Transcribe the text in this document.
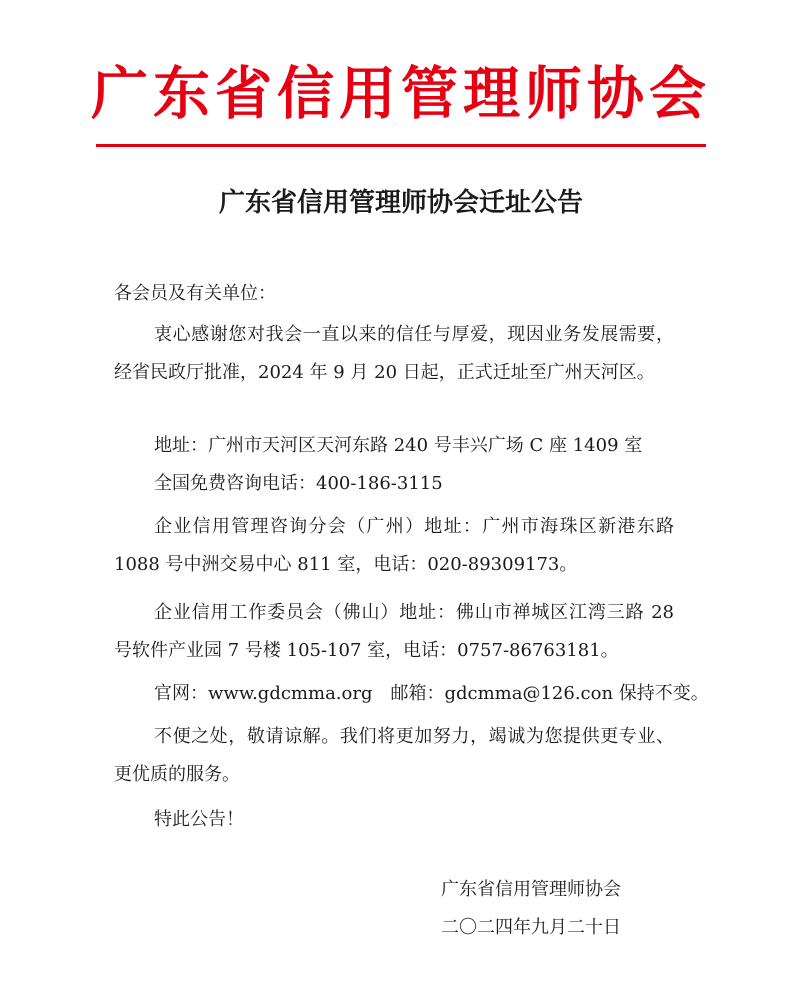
广东省信用管理师协会
广东省信用管理师协会迁址公告
各会员及有关单位：
衷心感谢您对我会一直以来的信任与厚爱，现因业务发展需要，经省民政厅批准，2024 年 9 月 20 日起，正式迁址至广州天河区。
地址：广州市天河区天河东路 240 号丰兴广场 C 座 1409 室
全国免费咨询电话：400-186-3115
企业信用管理咨询分会（广州）地址：广州市海珠区新港东路 1088 号中洲交易中心 811 室，电话：020-89309173。
企业信用工作委员会（佛山）地址：佛山市禅城区江湾三路 28 号软件产业园 7 号楼 105-107 室，电话：0757-86763181。
官网：www.gdcmma.org　邮箱：gdcmma@126.con 保持不变。
不便之处，敬请谅解。我们将更加努力，竭诚为您提供更专业、更优质的服务。
特此公告！
广东省信用管理师协会
二〇二四年九月二十日
